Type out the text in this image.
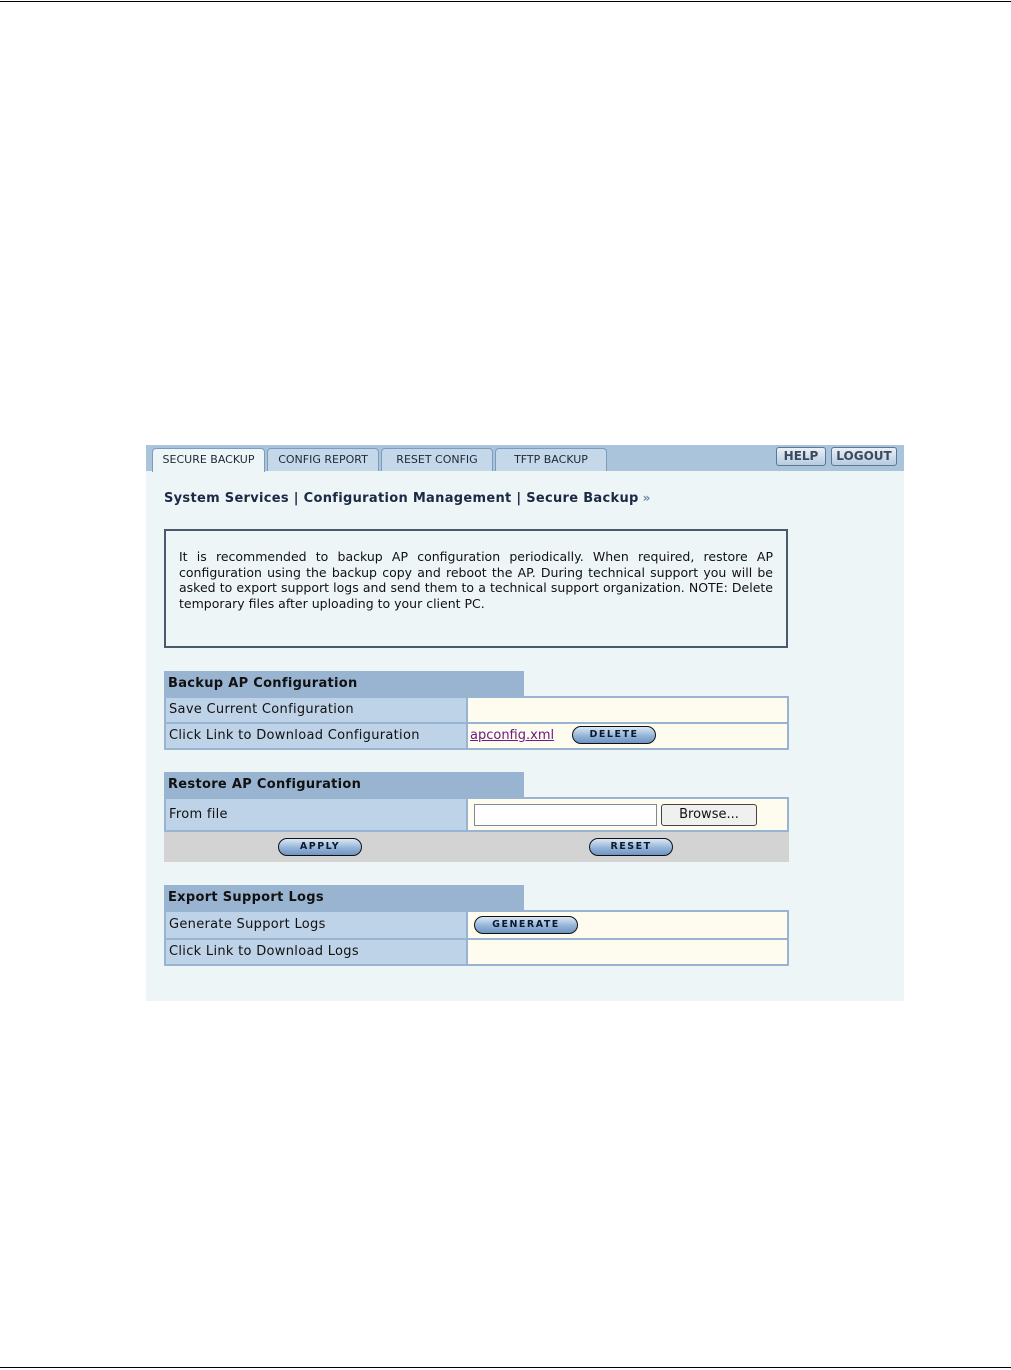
SECURE BACKUP	CONFIG REPORT	RESET CONFIG	TFTP BACKUP	HELP	LOGOUT
System Services | Configuration Management | Secure Backup »
It is recommended to backup AP configuration periodically. When required, restore AP configuration using the backup copy and reboot the AP. During technical support you will be asked to export support logs and send them to a technical support organization. NOTE: Delete temporary files after uploading to your client PC.
Backup AP Configuration
Save Current Configuration
Click Link to Download Configuration	apconfig.xml	DELETE
Restore AP Configuration
From file	Browse...
APPLY	RESET
Export Support Logs
Generate Support Logs	GENERATE
Click Link to Download Logs
